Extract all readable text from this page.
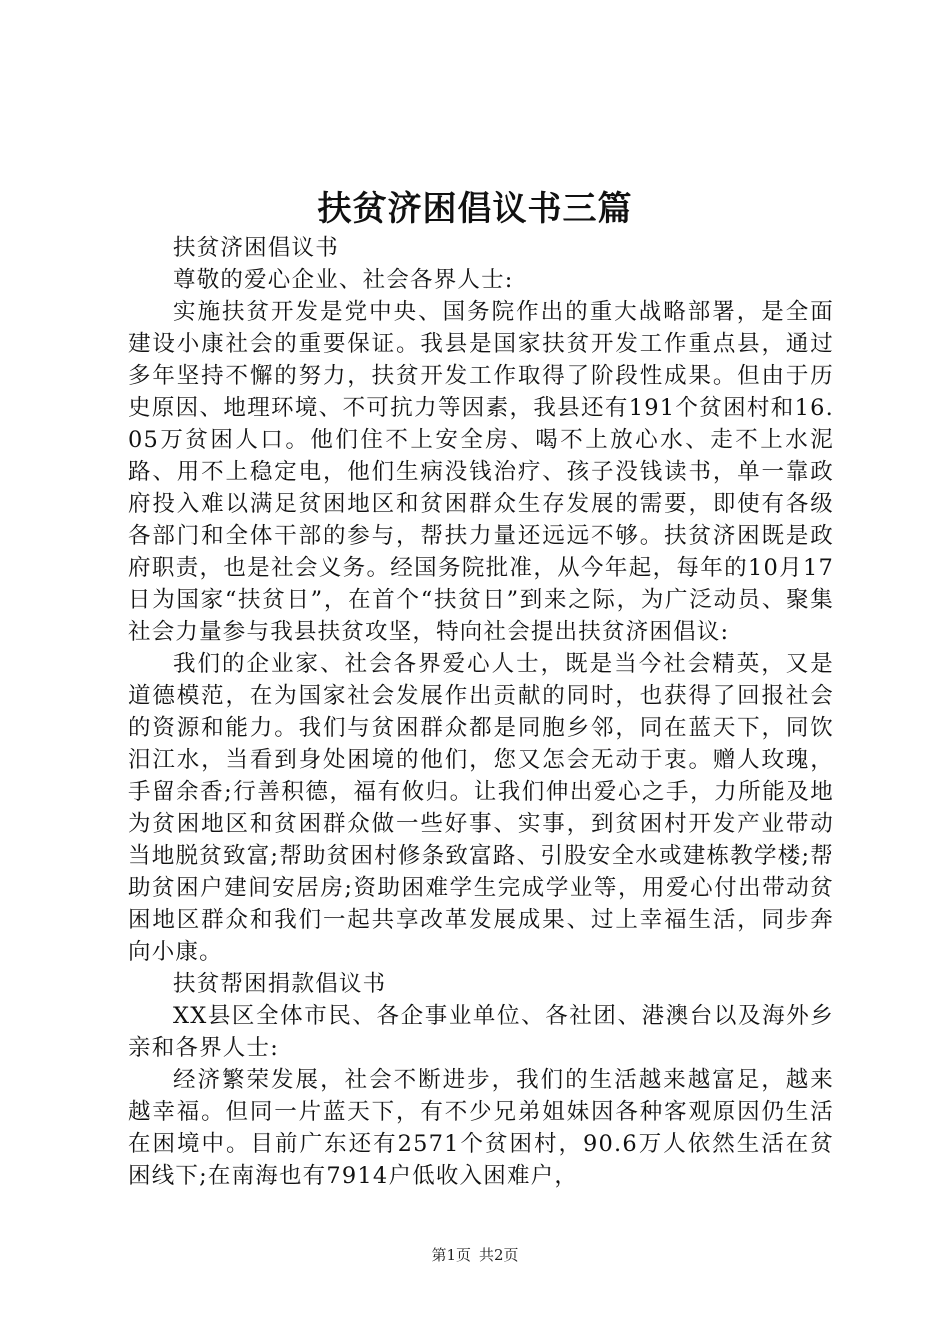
扶贫济困倡议书三篇

扶贫济困倡议书

尊敬的爱心企业、社会各界人士:

实施扶贫开发是党中央、国务院作出的重大战略部署，是全面建设小康社会的重要保证。我县是国家扶贫开发工作重点县，通过多年坚持不懈的努力，扶贫开发工作取得了阶段性成果。但由于历史原因、地理环境、不可抗力等因素，我县还有191个贫困村和16.05万贫困人口。他们住不上安全房、喝不上放心水、走不上水泥路、用不上稳定电，他们生病没钱治疗、孩子没钱读书，单一靠政府投入难以满足贫困地区和贫困群众生存发展的需要，即使有各级各部门和全体干部的参与，帮扶力量还远远不够。扶贫济困既是政府职责，也是社会义务。经国务院批准，从今年起，每年的10月17日为国家“扶贫日”，在首个“扶贫日”到来之际，为广泛动员、聚集社会力量参与我县扶贫攻坚，特向社会提出扶贫济困倡议:

我们的企业家、社会各界爱心人士，既是当今社会精英，又是道德模范，在为国家社会发展作出贡献的同时，也获得了回报社会的资源和能力。我们与贫困群众都是同胞乡邻，同在蓝天下，同饮汨江水，当看到身处困境的他们，您又怎会无动于衷。赠人玫瑰，手留余香;行善积德，福有攸归。让我们伸出爱心之手，力所能及地为贫困地区和贫困群众做一些好事、实事，到贫困村开发产业带动当地脱贫致富;帮助贫困村修条致富路、引股安全水或建栋教学楼;帮助贫困户建间安居房;资助困难学生完成学业等，用爱心付出带动贫困地区群众和我们一起共享改革发展成果、过上幸福生活，同步奔向小康。

扶贫帮困捐款倡议书

XX县区全体市民、各企事业单位、各社团、港澳台以及海外乡亲和各界人士:

经济繁荣发展，社会不断进步，我们的生活越来越富足，越来越幸福。但同一片蓝天下，有不少兄弟姐妹因各种客观原因仍生活在困境中。目前广东还有2571个贫困村，90.6万人依然生活在贫困线下;在南海也有7914户低收入困难户，

第1页 共2页
